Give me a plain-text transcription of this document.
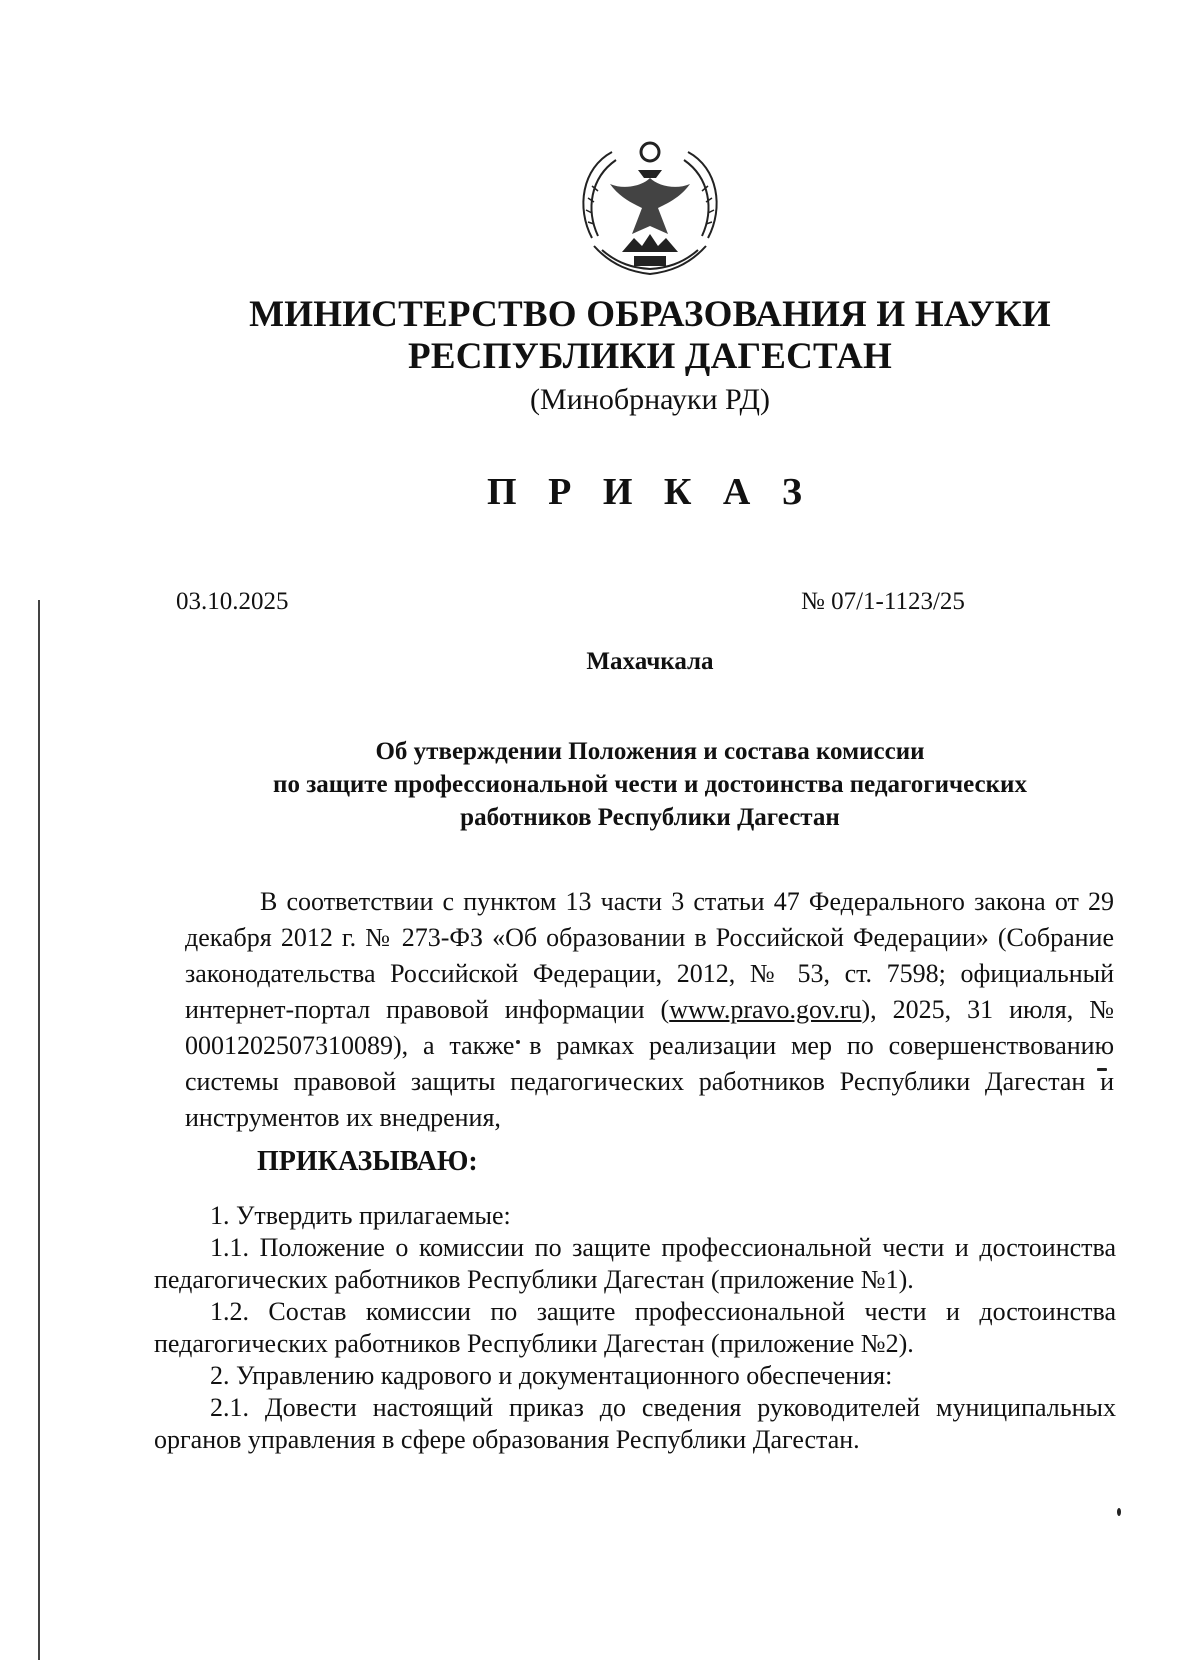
МИНИСТЕРСТВО ОБРАЗОВАНИЯ И НАУКИ
РЕСПУБЛИКИ ДАГЕСТАН
(Минобрнауки РД)
П Р И К А З
03.10.2025	№ 07/1-1123/25
Махачкала
Об утверждении Положения и состава комиссии
по защите профессиональной чести и достоинства педагогических
работников Республики Дагестан

В соответствии с пунктом 13 части 3 статьи 47 Федерального закона от 29 декабря 2012 г. № 273-ФЗ «Об образовании в Российской Федерации» (Собрание законодательства Российской Федерации, 2012, № 53, ст. 7598; официальный интернет-портал правовой информации (www.pravo.gov.ru), 2025, 31 июля, № 0001202507310089), а также в рамках реализации мер по совершенствованию системы правовой защиты педагогических работников Республики Дагестан и инструментов их внедрения,

ПРИКАЗЫВАЮ:

1. Утвердить прилагаемые:

1.1. Положение о комиссии по защите профессиональной чести и достоинства педагогических работников Республики Дагестан (приложение №1).

1.2. Состав комиссии по защите профессиональной чести и достоинства педагогических работников Республики Дагестан (приложение №2).

2. Управлению кадрового и документационного обеспечения:

2.1. Довести настоящий приказ до сведения руководителей муниципальных органов управления в сфере образования Республики Дагестан.
